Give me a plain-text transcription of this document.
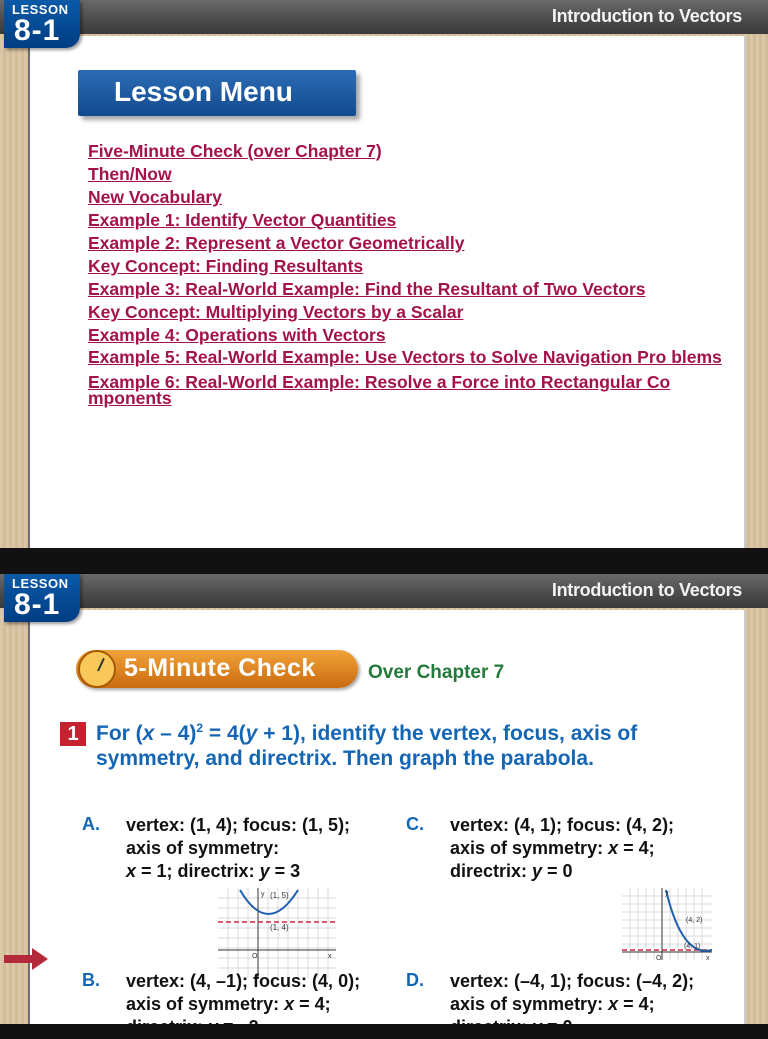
Lesson Menu
Five-Minute Check (over Chapter 7)
Then/Now
New Vocabulary
Example 1: Identify Vector Quantities
Example 2: Represent a Vector Geometrically
Key Concept: Finding Resultants
Example 3: Real-World Example: Find the Resultant of Two Vectors
Key Concept: Multiplying Vectors by a Scalar
Example 4: Operations with Vectors
Example 5: Real-World Example: Use Vectors to Solve Navigation Pro blems
Example 6: Real-World Example: Resolve a Force into Rectangular Co mponents
LESSON
8-1	Introduction to Vectors
5-Minute Check	Over Chapter 7
1 For (x – 4)$^2$ = 4(y + 1), identify the vertex, focus, axis of symmetry, and directrix. Then graph the parabola.
A. vertex: (1, 4); focus: (1, 5);
axis of symmetry:
x = 1; directrix: y = 3
(1, 5)
(1, 4)
O	x
y
C. vertex: (4, 1); focus: (4, 2);
axis of symmetry: x = 4;
directrix: y = 0
(4, 2)
(4, 1)
O	x
y
B. vertex: (4, –1); focus: (4, 0);
axis of symmetry: x = 4;
directrix: y = –2
D. vertex: (–4, 1); focus: (–4, 2);
axis of symmetry: x = 4;
directrix: y = 0
LESSON
8-1	Introduction to Vectors
